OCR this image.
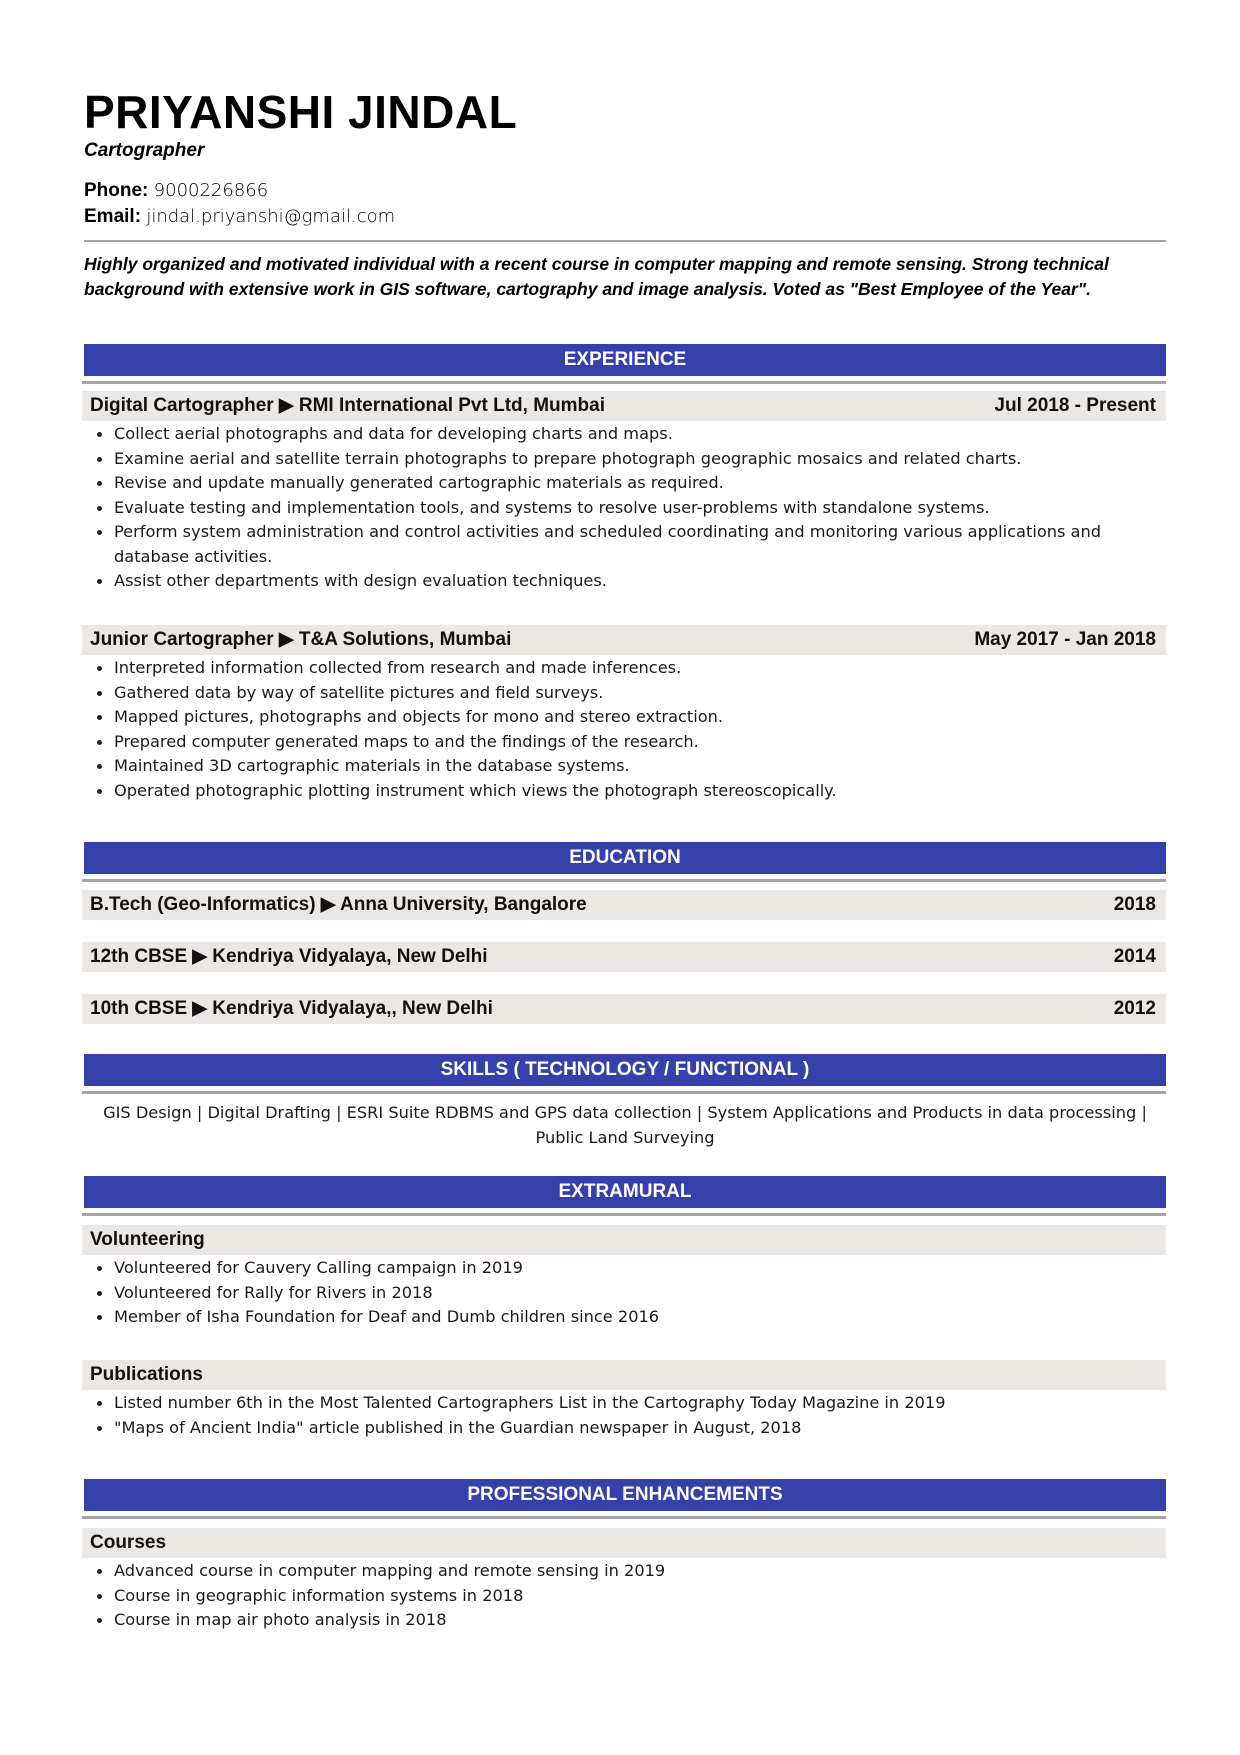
PRIYANSHI JINDAL
Cartographer
Phone: 9000226866
Email: jindal.priyanshi@gmail.com
Highly organized and motivated individual with a recent course in computer mapping and remote sensing. Strong technical background with extensive work in GIS software, cartography and image analysis. Voted as "Best Employee of the Year".
EXPERIENCE
Digital Cartographer ▶ RMI International Pvt Ltd, Mumbai	Jul 2018 - Present
Collect aerial photographs and data for developing charts and maps.
Examine aerial and satellite terrain photographs to prepare photograph geographic mosaics and related charts.
Revise and update manually generated cartographic materials as required.
Evaluate testing and implementation tools, and systems to resolve user-problems with standalone systems.
Perform system administration and control activities and scheduled coordinating and monitoring various applications and database activities.
Assist other departments with design evaluation techniques.
Junior Cartographer ▶ T&A Solutions, Mumbai	May 2017 - Jan 2018
Interpreted information collected from research and made inferences.
Gathered data by way of satellite pictures and field surveys.
Mapped pictures, photographs and objects for mono and stereo extraction.
Prepared computer generated maps to and the findings of the research.
Maintained 3D cartographic materials in the database systems.
Operated photographic plotting instrument which views the photograph stereoscopically.
EDUCATION
B.Tech (Geo-Informatics) ▶ Anna University, Bangalore	2018
12th CBSE ▶ Kendriya Vidyalaya, New Delhi	2014
10th CBSE ▶ Kendriya Vidyalaya,, New Delhi	2012
SKILLS ( TECHNOLOGY / FUNCTIONAL )
GIS Design | Digital Drafting | ESRI Suite RDBMS and GPS data collection | System Applications and Products in data processing | Public Land Surveying
EXTRAMURAL
Volunteering
Volunteered for Cauvery Calling campaign in 2019
Volunteered for Rally for Rivers in 2018
Member of Isha Foundation for Deaf and Dumb children since 2016
Publications
Listed number 6th in the Most Talented Cartographers List in the Cartography Today Magazine in 2019
"Maps of Ancient India" article published in the Guardian newspaper in August, 2018
PROFESSIONAL ENHANCEMENTS
Courses
Advanced course in computer mapping and remote sensing in 2019
Course in geographic information systems in 2018
Course in map air photo analysis in 2018
